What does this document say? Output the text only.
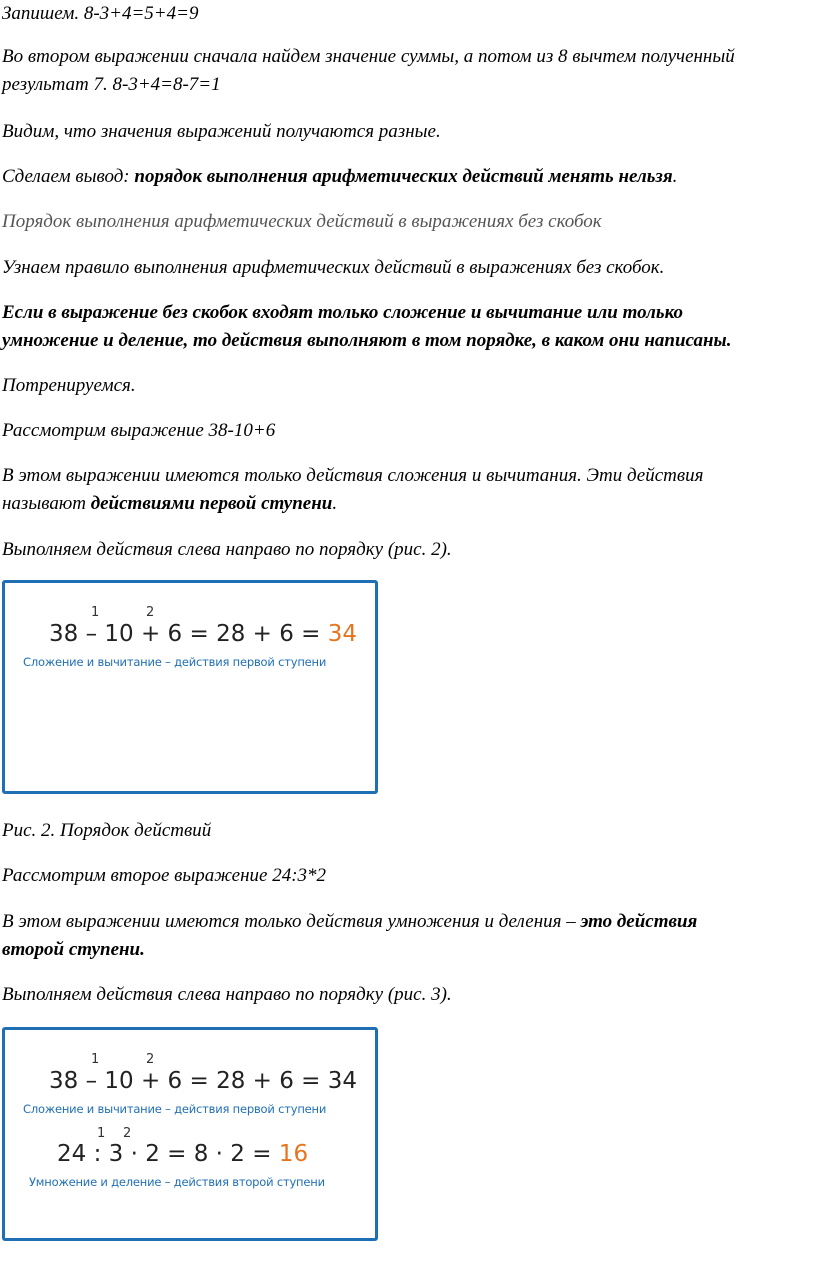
Запишем. 8-3+4=5+4=9
Во втором выражении сначала найдем значение суммы, а потом из 8 вычтем полученный
результат 7. 8-3+4=8-7=1
Видим, что значения выражений получаются разные.
Сделаем вывод: порядок выполнения арифметических действий менять нельзя.
Порядок выполнения арифметических действий в выражениях без скобок
Узнаем правило выполнения арифметических действий в выражениях без скобок.
Если в выражение без скобок входят только сложение и вычитание или только
умножение и деление, то действия выполняют в том порядке, в каком они написаны.
Потренируемся.
Рассмотрим выражение 38-10+6
В этом выражении имеются только действия сложения и вычитания. Эти действия
называют действиями первой ступени.
Выполняем действия слева направо по порядку (рис. 2).
1	2
38 – 10 + 6 = 28 + 6 = 34
Сложение и вычитание – действия первой ступени
Рис. 2. Порядок действий
Рассмотрим второе выражение 24:3*2
В этом выражении имеются только действия умножения и деления – это действия
второй ступени.
Выполняем действия слева направо по порядку (рис. 3).
1	2
38 – 10 + 6 = 28 + 6 = 34
Сложение и вычитание – действия первой ступени
1 2
24 : 3 · 2 = 8 · 2 = 16
Умножение и деление – действия второй ступени
